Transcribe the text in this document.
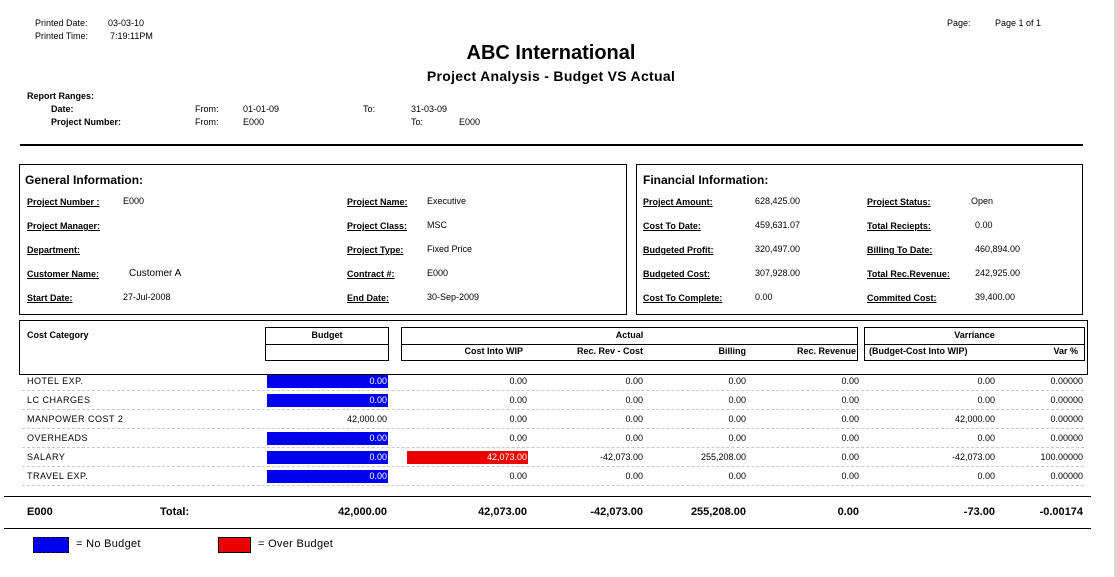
Printed Date: 03-03-10
Printed Time: 7:19:11PM
Page:	Page 1 of 1
ABC International
Project Analysis - Budget VS Actual
Report Ranges:
Date:	From:	01-01-09	To:	31-03-09
Project Number:	From:	E000	To:	E000
General Information:
Project Number :	E000
Project Manager:
Department:
Customer Name:	Customer A
Start Date:	27-Jul-2008
Project Name: Executive
Project Class: MSC
Project Type:	Fixed Price
Contract #:	E000
End Date:	30-Sep-2009
Financial Information:
Project Amount:	628,425.00
Cost To Date:	459,631.07
Budgeted Profit:	320,497.00
Budgeted Cost:	307,928.00
Cost To Complete:	0.00
Project Status:	Open
Total Reciepts:	0.00
Billing To Date:	460,894.00
Total Rec.Revenue:	242,925.00
Commited Cost:	39,400.00
Cost Category	Budget	Actual
Cost Into WIP	Rec. Rev - Cost	Billing	Rec. Revenue
Varriance
(Budget-Cost Into WIP)	Var %
HOTEL EXP.	0.00	0.00	0.00	0.00	0.00	0.00	0.00000
LC CHARGES	0.00	0.00	0.00	0.00	0.00	0.00	0.00000
MANPOWER COST 2	42,000.00	0.00	0.00	0.00	0.00	42,000.00	0.00000
OVERHEADS	0.00	0.00	0.00	0.00	0.00	0.00	0.00000
SALARY	0.00	42,073.00	-42,073.00	255,208.00	0.00	-42,073.00	100.00000
TRAVEL EXP.	0.00	0.00	0.00	0.00	0.00	0.00	0.00000
E000	Total:	42,000.00	42,073.00	-42,073.00	255,208.00	0.00	-73.00	-0.00174
= No Budget	= Over Budget
